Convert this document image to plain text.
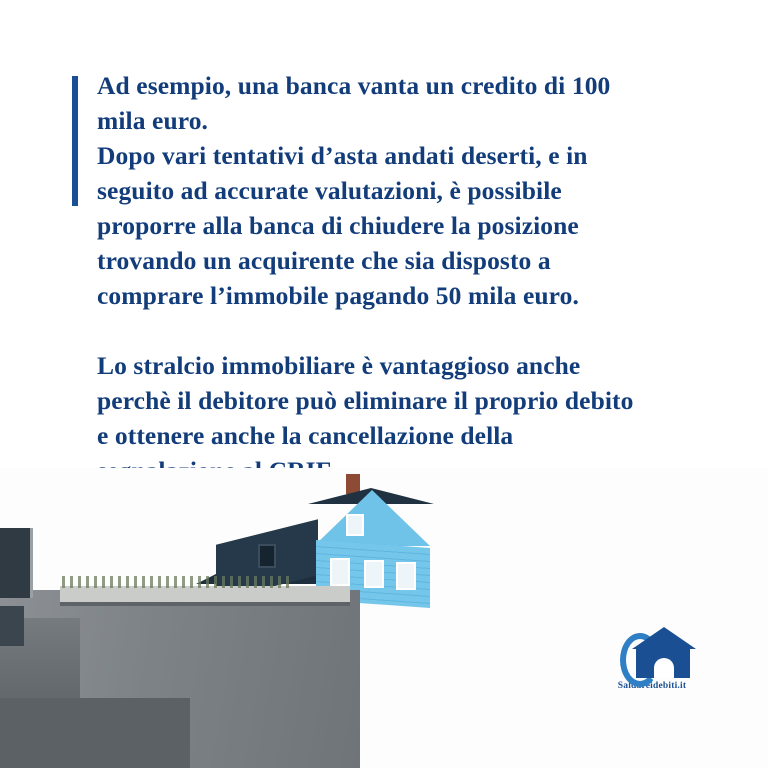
Ad esempio, una banca vanta un credito di 100
mila euro.
Dopo vari tentativi d’asta andati deserti, e in
seguito ad accurate valutazioni, è possibile
proporre alla banca di chiudere la posizione
trovando un acquirente che sia disposto a
comprare l’immobile pagando 50 mila euro.

Lo stralcio immobiliare è vantaggioso anche
perchè il debitore può eliminare il proprio debito
e ottenere anche la cancellazione della

Saldareidebiti.it
